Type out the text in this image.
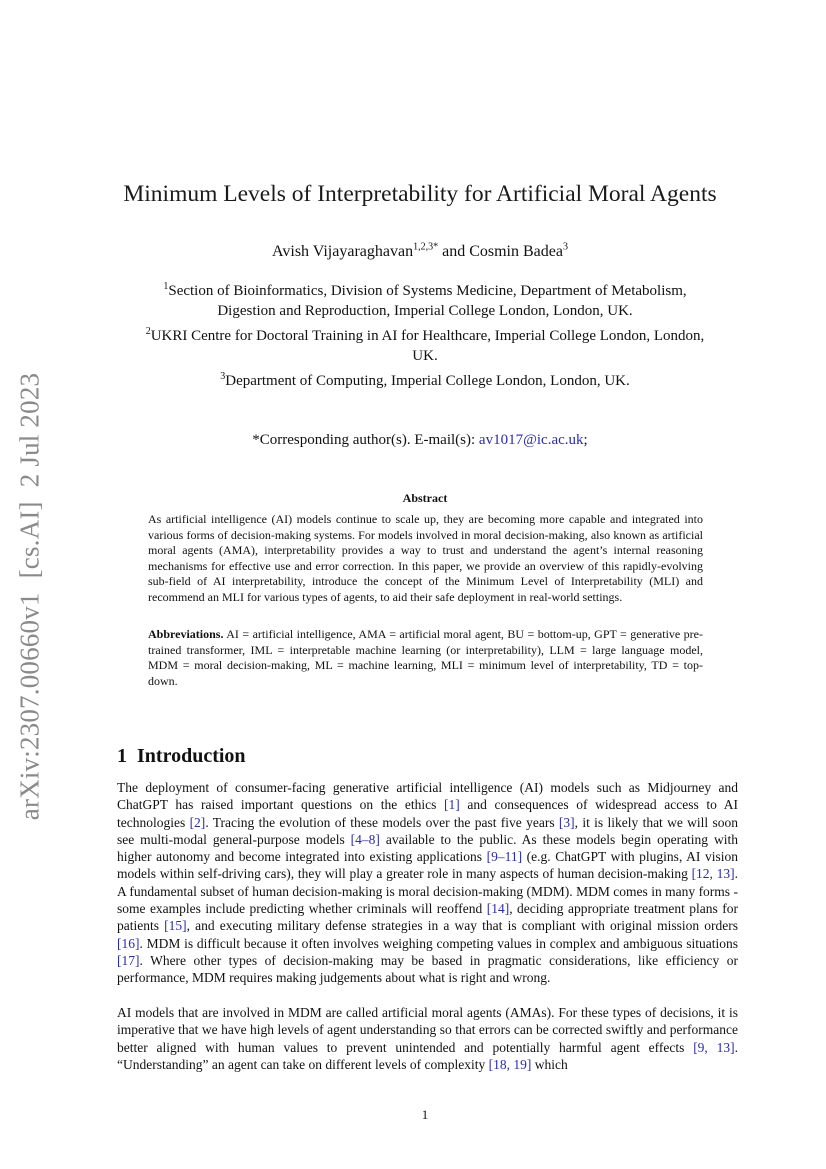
arXiv:2307.00660v1[cs.AI]2 Jul 2023
Minimum Levels of Interpretability for Artificial Moral Agents
Avish Vijayaraghavan$^{1,2,3*}$ and Cosmin Badea$^3$
$^1$Section of Bioinformatics, Division of Systems Medicine, Department of Metabolism, Digestion and Reproduction, Imperial College London, London, UK.
$^2$UKRI Centre for Doctoral Training in AI for Healthcare, Imperial College London, London, UK.
$^3$Department of Computing, Imperial College London, London, UK.
*Corresponding author(s). E-mail(s): av1017@ic.ac.uk;
Abstract
As artificial intelligence (AI) models continue to scale up, they are becoming more capable and integrated into various forms of decision-making systems. For models involved in moral decision-making, also known as artificial moral agents (AMA), interpretability provides a way to trust and understand the agent’s internal reasoning mechanisms for effective use and error correction. In this paper, we provide an overview of this rapidly-evolving sub-field of AI interpretability, introduce the concept of the Minimum Level of Interpretability (MLI) and recommend an MLI for various types of agents, to aid their safe deployment in real-world settings.
Abbreviations. AI = artificial intelligence, AMA = artificial moral agent, BU = bottom-up, GPT = generative pre-trained transformer, IML = interpretable machine learning (or interpretability), LLM = large language model, MDM = moral decision-making, ML = machine learning, MLI = minimum level of interpretability, TD = top-down.
1 Introduction
The deployment of consumer-facing generative artificial intelligence (AI) models such as Midjourney and ChatGPT has raised important questions on the ethics [1] and consequences of widespread access to AI technologies [2]. Tracing the evolution of these models over the past five years [3], it is likely that we will soon see multi-modal general-purpose models [4–8] available to the public. As these models begin operating with higher autonomy and become integrated into existing applications [9–11] (e.g. ChatGPT with plugins, AI vision models within self-driving cars), they will play a greater role in many aspects of human decision-making [12, 13]. A fundamental subset of human decision-making is moral decision-making (MDM). MDM comes in many forms - some examples include predicting whether criminals will reoffend [14], deciding appropriate treatment plans for patients [15], and executing military defense strategies in a way that is compliant with original mission orders [16]. MDM is difficult because it often involves weighing competing values in complex and ambiguous situations [17]. Where other types of decision-making may be based in pragmatic considerations, like efficiency or performance, MDM requires making judgements about what is right and wrong.
AI models that are involved in MDM are called artificial moral agents (AMAs). For these types of decisions, it is imperative that we have high levels of agent understanding so that errors can be corrected swiftly and performance better aligned with human values to prevent unintended and potentially harmful agent effects [9, 13]. “Understanding” an agent can take on different levels of complexity [18, 19] which
1
